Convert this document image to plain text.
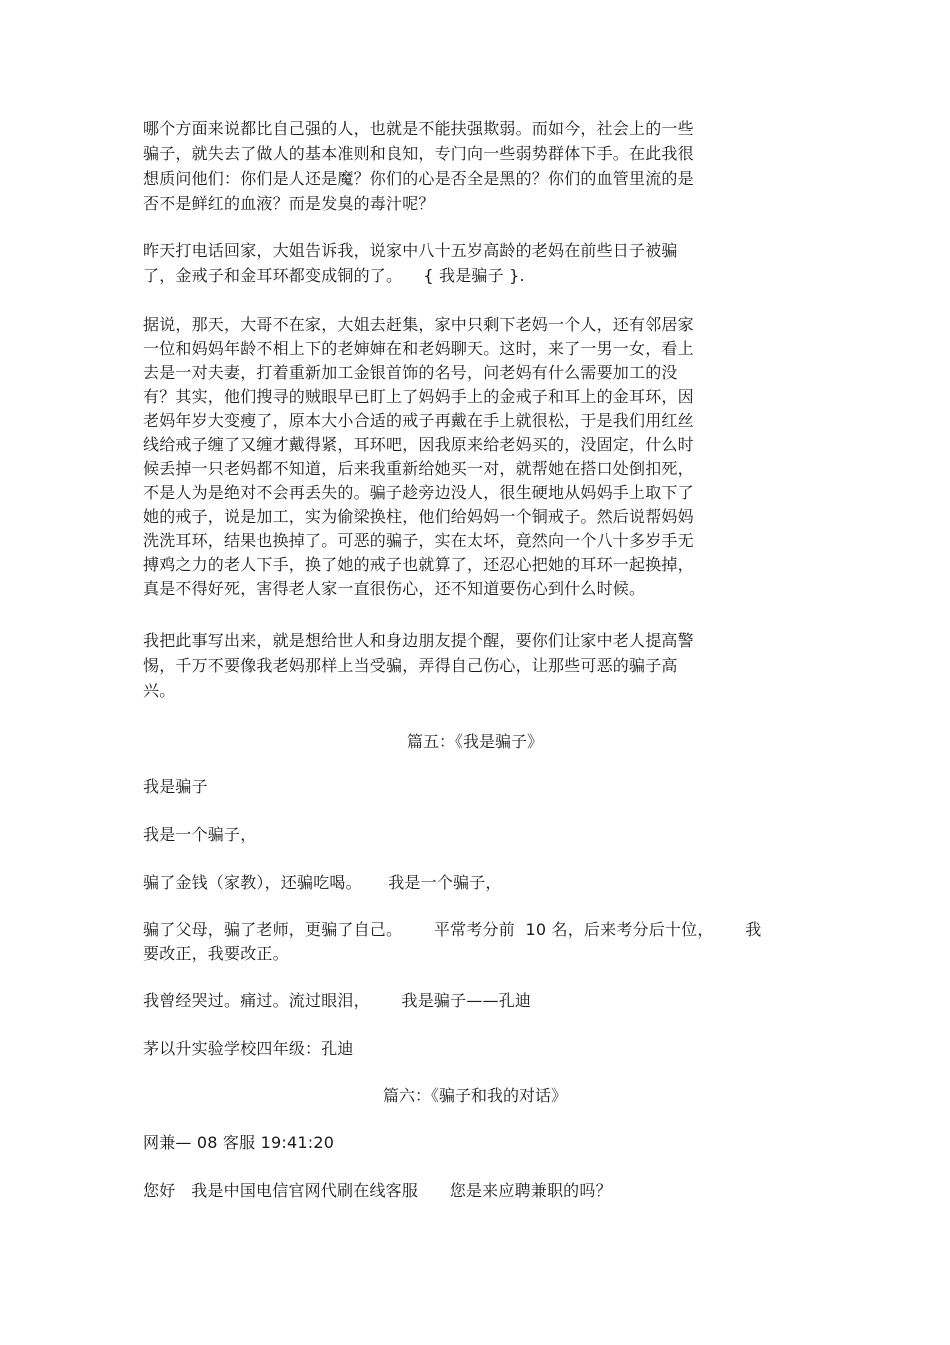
哪个方面来说都比自己强的人，也就是不能扶强欺弱。而如今，社会上的一些
骗子，就失去了做人的基本准则和良知，专门向一些弱势群体下手。在此我很
想质问他们：你们是人还是魔？你们的心是否全是黑的？你们的血管里流的是
否不是鲜红的血液？而是发臭的毒汁呢？
昨天打电话回家，大姐告诉我，说家中八十五岁高龄的老妈在前些日子被骗
了，金戒子和金耳环都变成铜的了。    { 我是骗子 }.
据说，那天，大哥不在家，大姐去赶集，家中只剩下老妈一个人，还有邻居家
一位和妈妈年龄不相上下的老婶婶在和老妈聊天。这时，来了一男一女，看上
去是一对夫妻，打着重新加工金银首饰的名号，问老妈有什么需要加工的没
有？其实，他们搜寻的贼眼早已盯上了妈妈手上的金戒子和耳上的金耳环，因
老妈年岁大变瘦了，原本大小合适的戒子再戴在手上就很松，于是我们用红丝
线给戒子缠了又缠才戴得紧，耳环吧，因我原来给老妈买的，没固定，什么时
候丢掉一只老妈都不知道，后来我重新给她买一对，就帮她在搭口处倒扣死，
不是人为是绝对不会再丢失的。骗子趁旁边没人，很生硬地从妈妈手上取下了
她的戒子，说是加工，实为偷梁换柱，他们给妈妈一个铜戒子。然后说帮妈妈
洗洗耳环，结果也换掉了。可恶的骗子，实在太坏，竟然向一个八十多岁手无
搏鸡之力的老人下手，换了她的戒子也就算了，还忍心把她的耳环一起换掉，
真是不得好死，害得老人家一直很伤心，还不知道要伤心到什么时候。
我把此事写出来，就是想给世人和身边朋友提个醒，要你们让家中老人提高警
惕，千万不要像我老妈那样上当受骗，弄得自己伤心，让那些可恶的骗子高
兴。
篇五：《我是骗子》
我是骗子
我是一个骗子，
骗了金钱（家教），还骗吃喝。     我是一个骗子，
骗了父母，骗了老师，更骗了自己。      平常考分前  10 名，后来考分后十位，      我
要改正，我要改正。
我曾经哭过。痛过。流过眼泪，      我是骗子——孔迪
茅以升实验学校四年级：孔迪
篇六：《骗子和我的对话》
网兼— 08 客服 19:41:20
您好   我是中国电信官网代刷在线客服      您是来应聘兼职的吗？
